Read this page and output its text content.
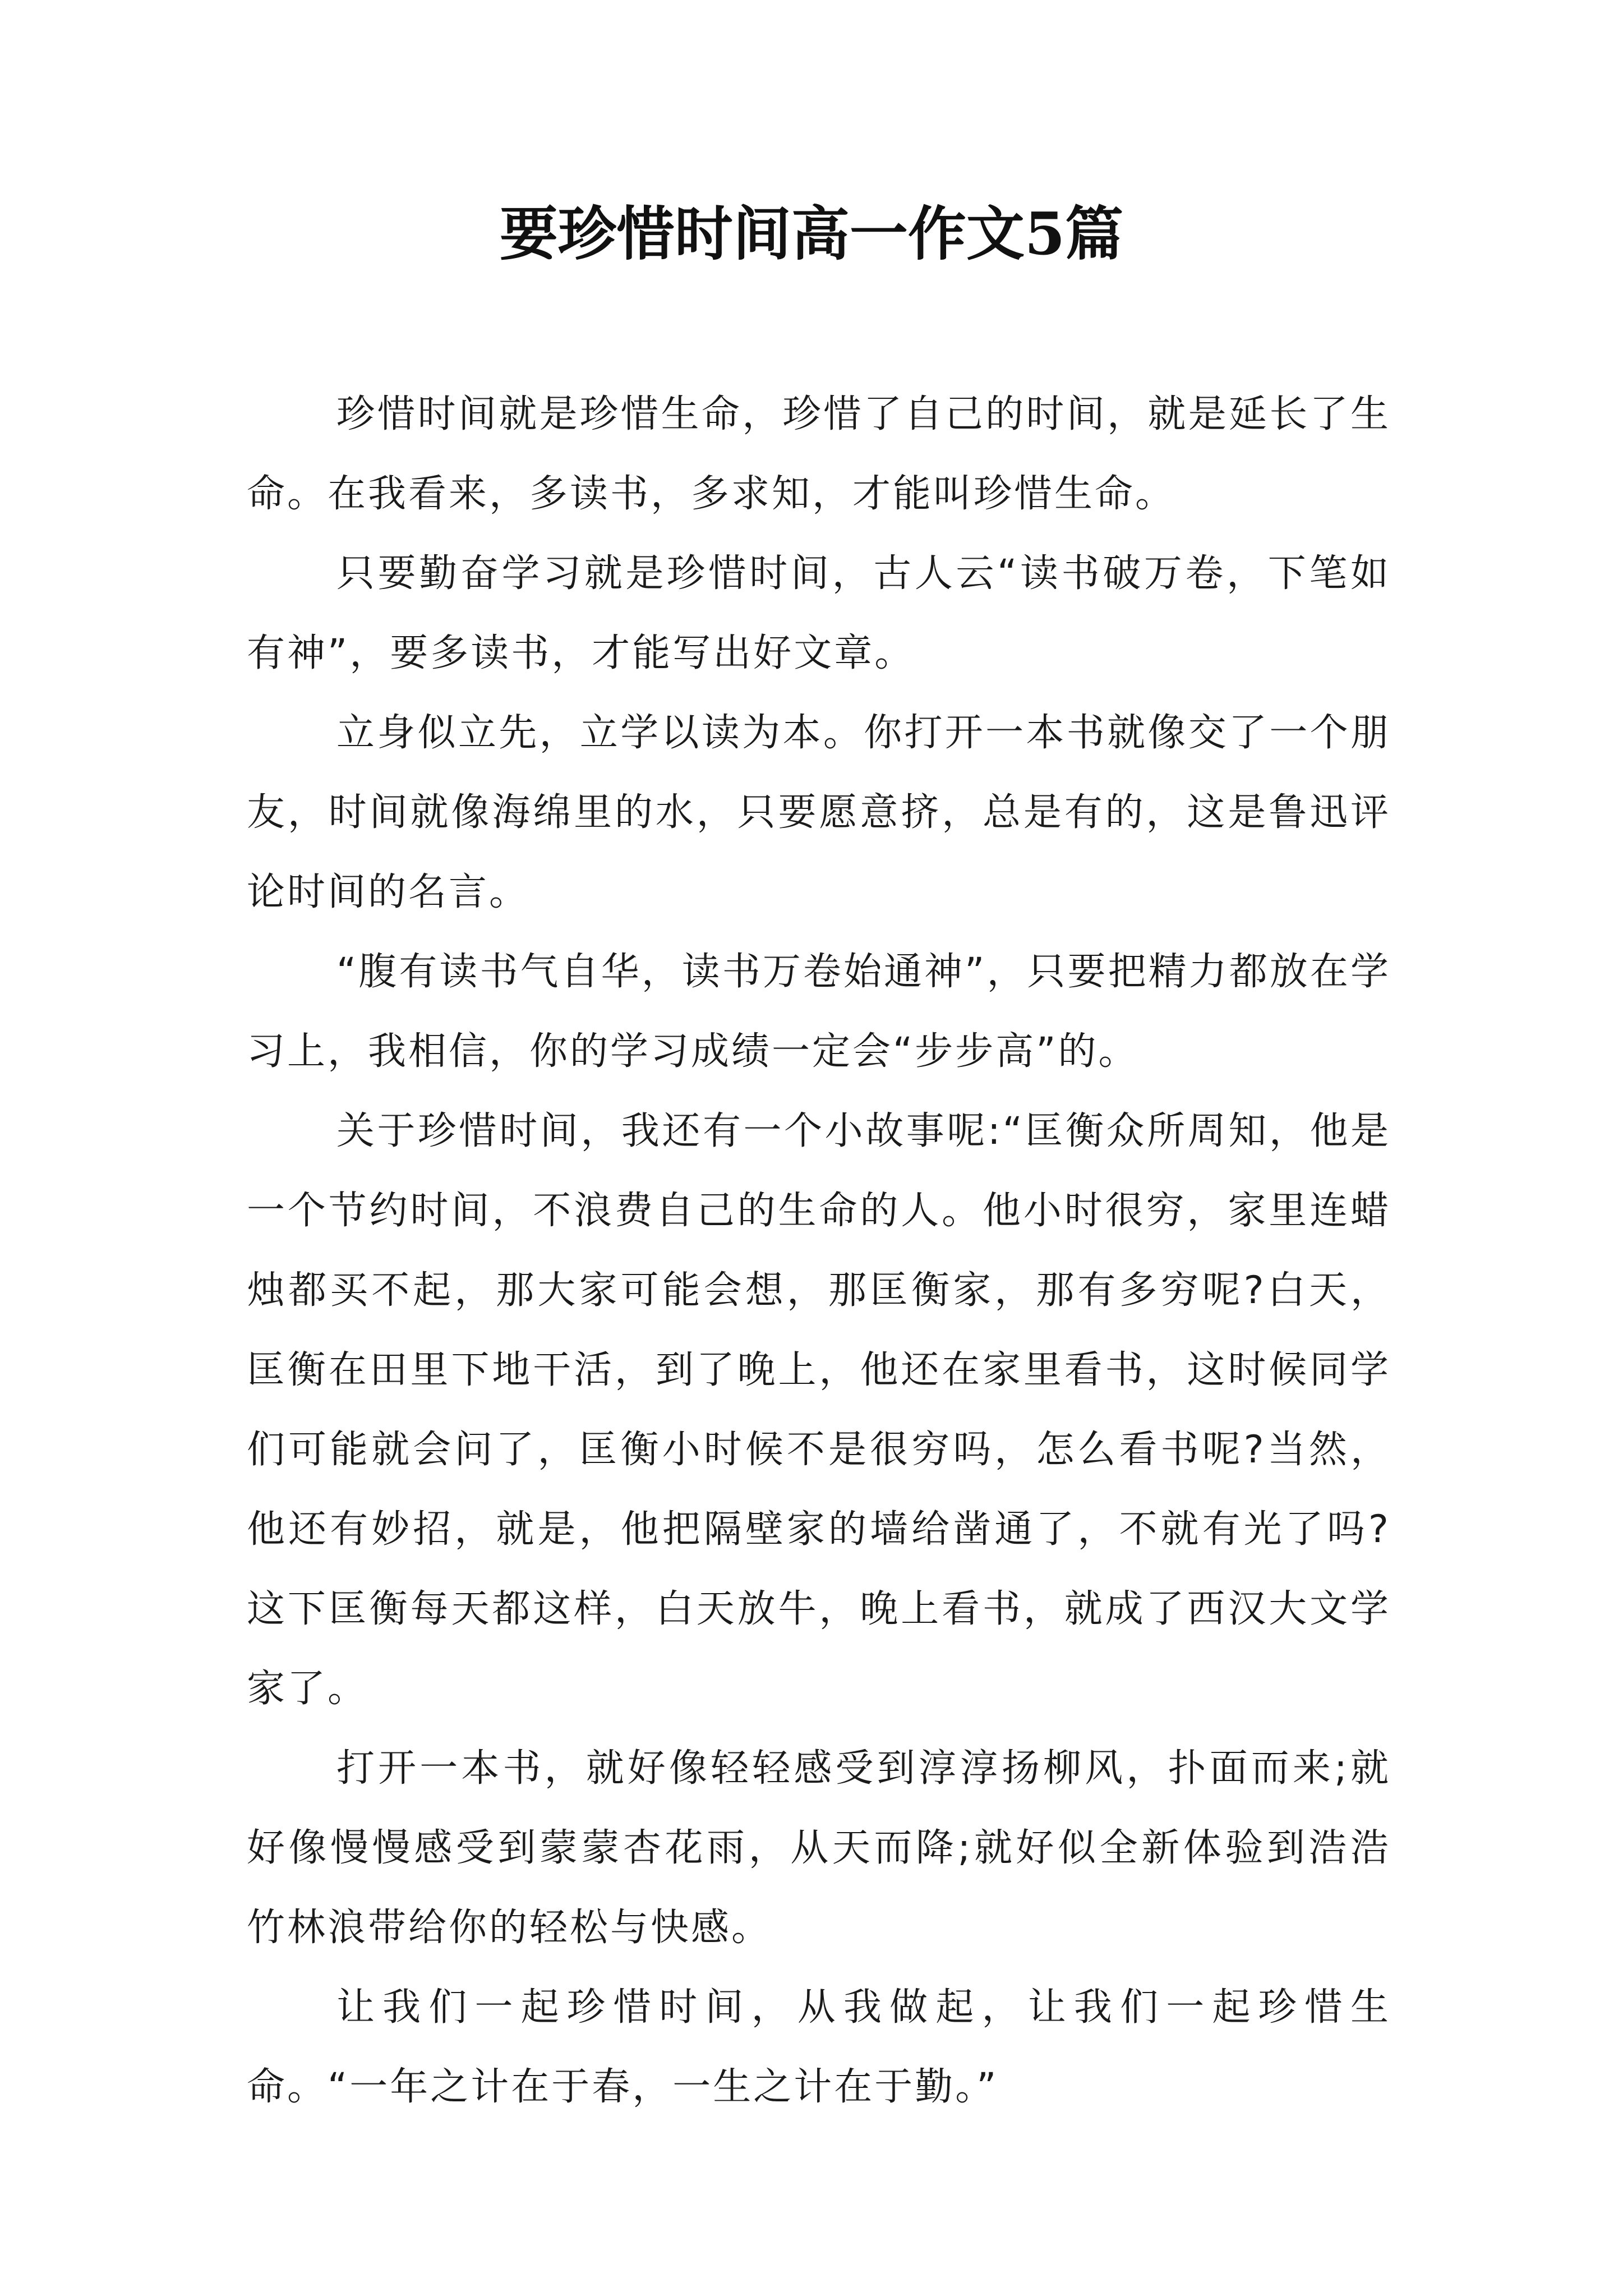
要珍惜时间高一作文5篇

珍惜时间就是珍惜生命，珍惜了自己的时间，就是延长了生命。在我看来，多读书，多求知，才能叫珍惜生命。

只要勤奋学习就是珍惜时间，古人云“读书破万卷，下笔如有神”，要多读书，才能写出好文章。

立身似立先，立学以读为本。你打开一本书就像交了一个朋友，时间就像海绵里的水，只要愿意挤，总是有的，这是鲁迅评论时间的名言。

“腹有读书气自华，读书万卷始通神”，只要把精力都放在学习上，我相信，你的学习成绩一定会“步步高”的。

关于珍惜时间，我还有一个小故事呢:“匡衡众所周知，他是一个节约时间，不浪费自己的生命的人。他小时很穷，家里连蜡烛都买不起，那大家可能会想，那匡衡家，那有多穷呢?白天，匡衡在田里下地干活，到了晚上，他还在家里看书，这时候同学们可能就会问了，匡衡小时候不是很穷吗，怎么看书呢?当然，他还有妙招，就是，他把隔壁家的墙给凿通了，不就有光了吗?这下匡衡每天都这样，白天放牛，晚上看书，就成了西汉大文学家了。

打开一本书，就好像轻轻感受到淳淳扬柳风，扑面而来;就好像慢慢感受到蒙蒙杏花雨，从天而降;就好似全新体验到浩浩竹林浪带给你的轻松与快感。

让我们一起珍惜时间，从我做起，让我们一起珍惜生命。“一年之计在于春，一生之计在于勤。”
